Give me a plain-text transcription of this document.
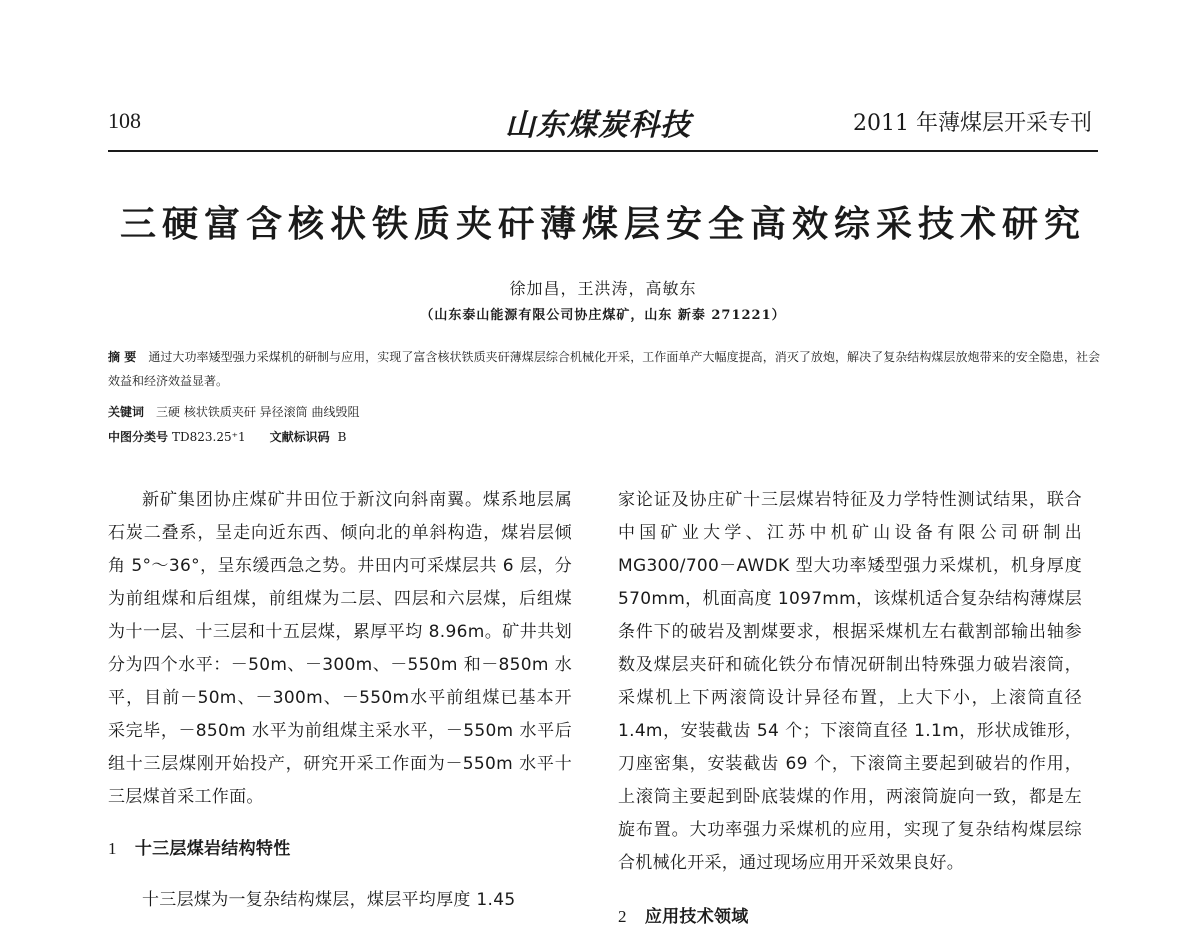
108	山东煤炭科技	2011 年薄煤层开采专刊
三硬富含核状铁质夹矸薄煤层安全高效综采技术研究
徐加昌，王洪涛，高敏东
（山东泰山能源有限公司协庄煤矿，山东 新泰 271221）
摘 要 通过大功率矮型强力采煤机的研制与应用，实现了富含核状铁质夹矸薄煤层综合机械化开采，工作面单产大幅度提高，消灭了放炮，解决了复杂结构煤层放炮带来的安全隐患，社会效益和经济效益显著。
关键词 三硬 核状铁质夹矸 异径滚筒 曲线毁阻
中图分类号 TD823.25⁺1 文献标识码 B

新矿集团协庄煤矿井田位于新汶向斜南翼。煤系地层属石炭二叠系，呈走向近东西、倾向北的单斜构造，煤岩层倾角 5°～36°，呈东缓西急之势。井田内可采煤层共 6 层，分为前组煤和后组煤，前组煤为二层、四层和六层煤，后组煤为十一层、十三层和十五层煤，累厚平均 8.96m。矿井共划分为四个水平：－50m、－300m、－550m 和－850m 水平，目前－50m、－300m、－550m水平前组煤已基本开采完毕，－850m 水平为前组煤主采水平，－550m 水平后组十三层煤刚开始投产，研究开采工作面为－550m 水平十三层煤首采工作面。

1 十三层煤岩结构特性

十三层煤为一复杂结构煤层，煤层平均厚度 1.45

家论证及协庄矿十三层煤岩特征及力学特性测试结果，联合中国矿业大学、江苏中机矿山设备有限公司研制出 MG300/700－AWDK 型大功率矮型强力采煤机，机身厚度 570mm，机面高度 1097mm，该煤机适合复杂结构薄煤层条件下的破岩及割煤要求，根据采煤机左右截割部输出轴参数及煤层夹矸和硫化铁分布情况研制出特殊强力破岩滚筒，采煤机上下两滚筒设计异径布置，上大下小，上滚筒直径 1.4m，安装截齿 54 个；下滚筒直径 1.1m，形状成锥形，刀座密集，安装截齿 69 个，下滚筒主要起到破岩的作用，上滚筒主要起到卧底装煤的作用，两滚筒旋向一致，都是左旋布置。大功率强力采煤机的应用，实现了复杂结构煤层综合机械化开采，通过现场应用开采效果良好。

2 应用技术领域
